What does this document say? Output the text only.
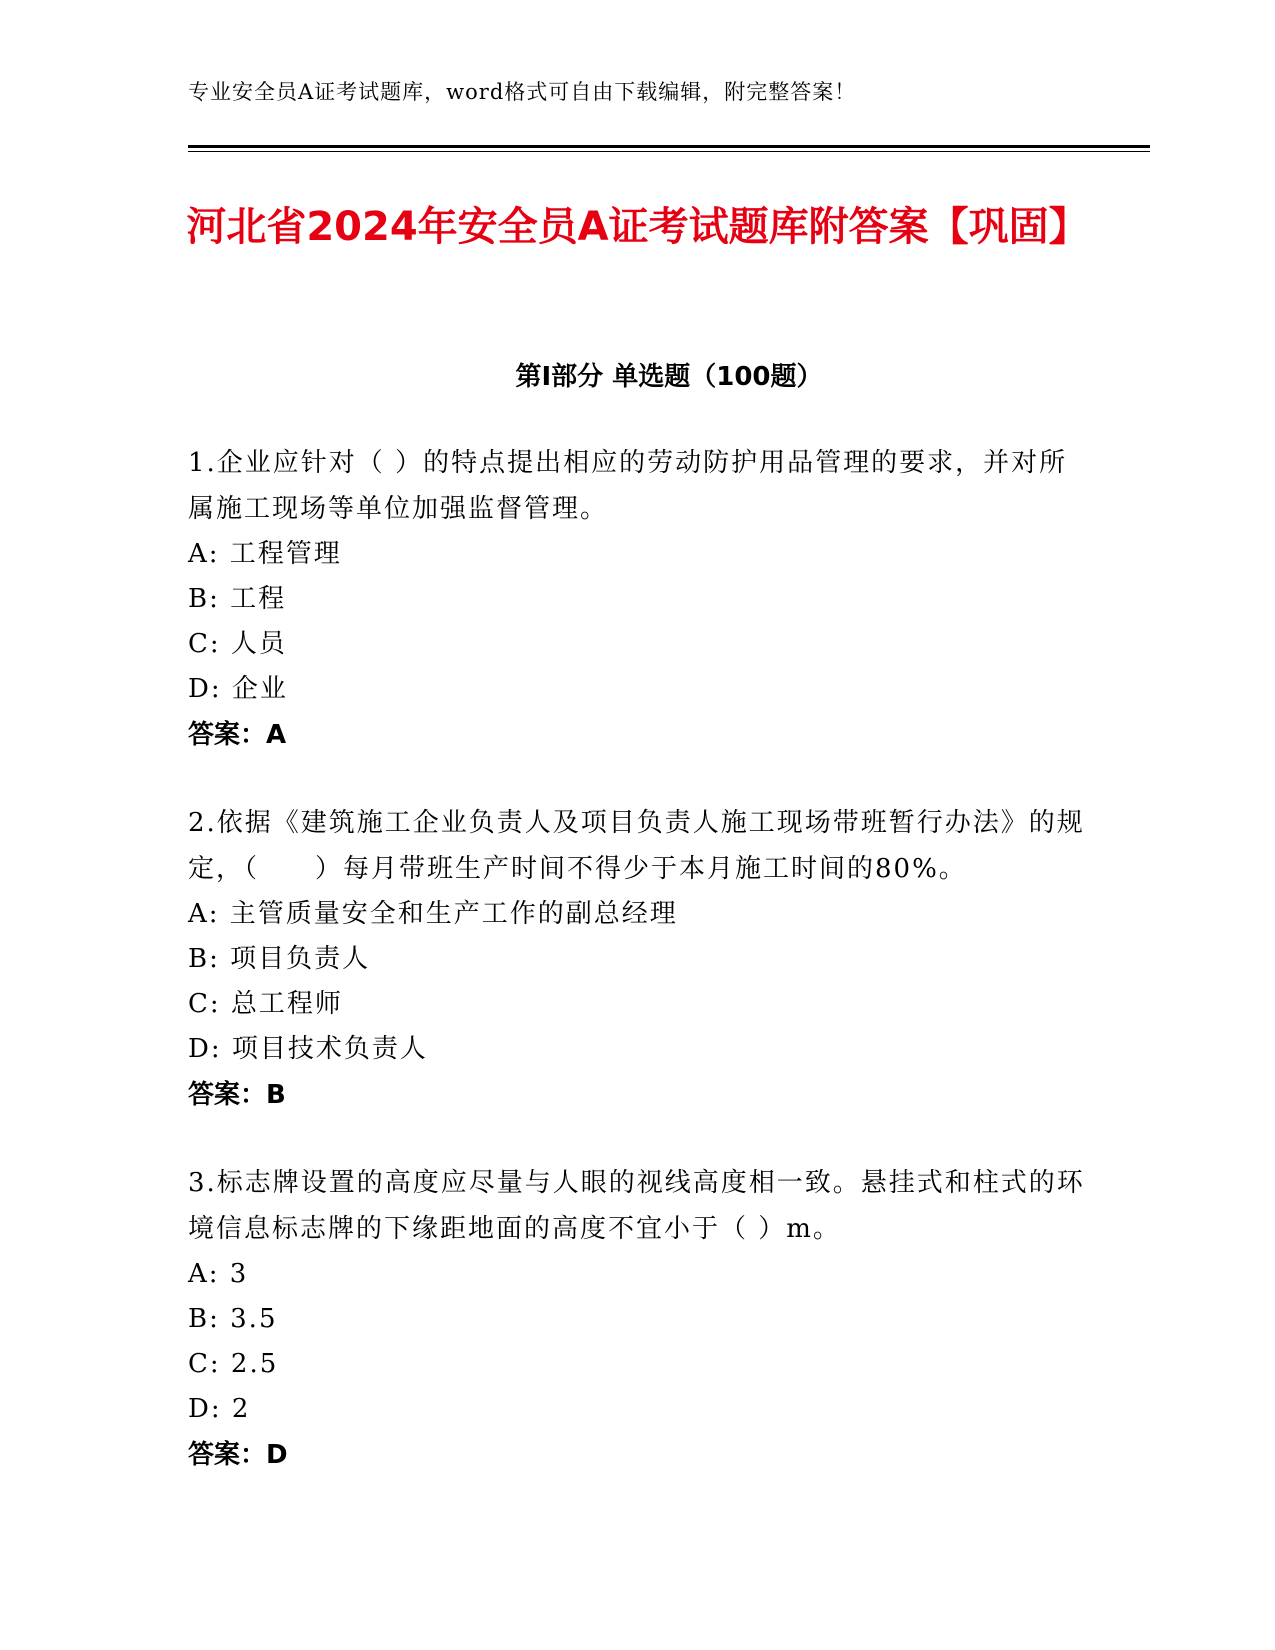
专业安全员A证考试题库，word格式可自由下载编辑，附完整答案！
河北省2024年安全员A证考试题库附答案【巩固】
第Ⅰ部分 单选题（100题）
1.企业应针对（ ）的特点提出相应的劳动防护用品管理的要求，并对所属施工现场等单位加强监督管理。
A: 工程管理
B: 工程
C: 人员
D: 企业
答案：A
2.依据《建筑施工企业负责人及项目负责人施工现场带班暂行办法》的规定，（　　）每月带班生产时间不得少于本月施工时间的80%。
A: 主管质量安全和生产工作的副总经理
B: 项目负责人
C: 总工程师
D: 项目技术负责人
答案：B
3.标志牌设置的高度应尽量与人眼的视线高度相一致。悬挂式和柱式的环境信息标志牌的下缘距地面的高度不宜小于（ ）m。
A: 3
B: 3.5
C: 2.5
D: 2
答案：D
